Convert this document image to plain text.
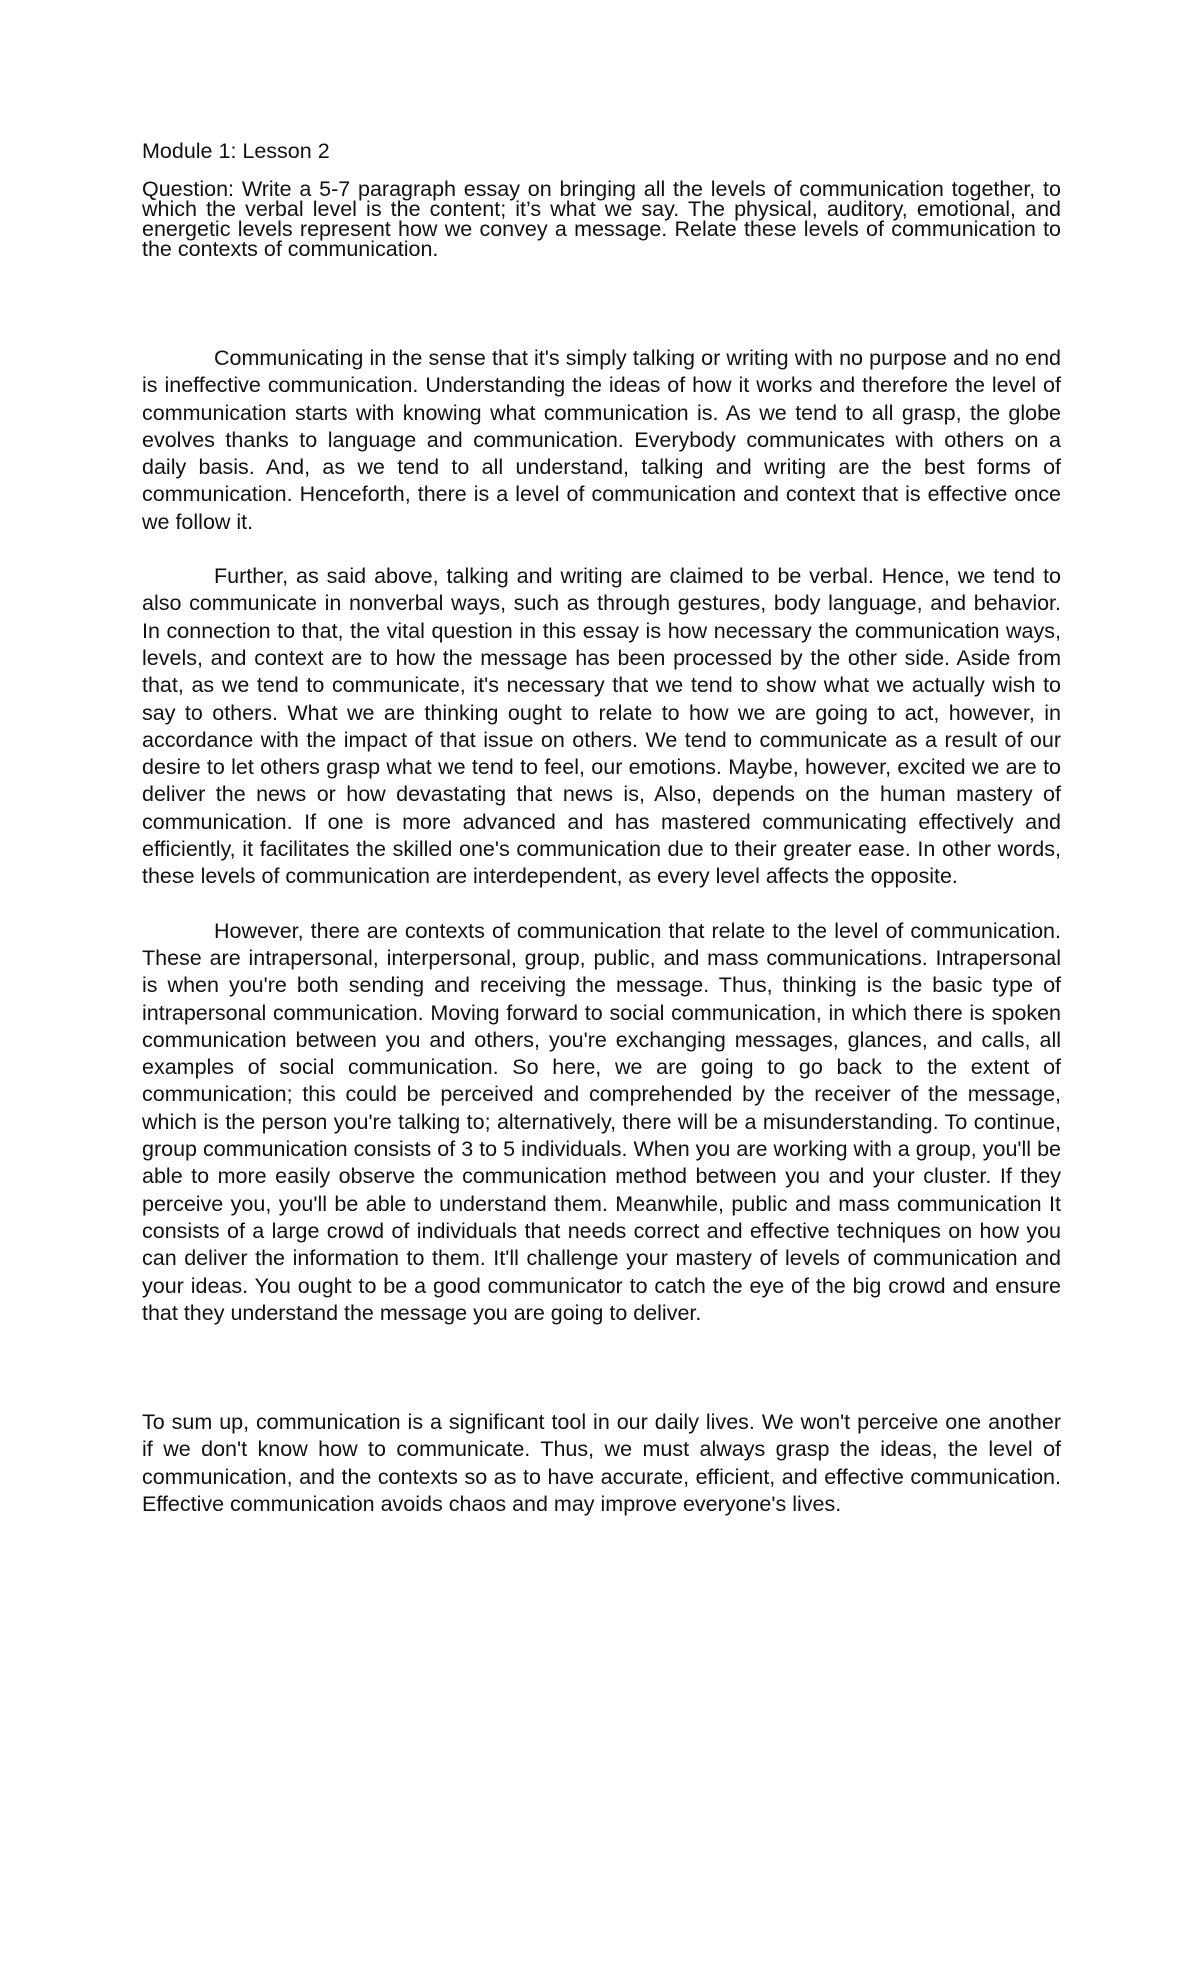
Module 1: Lesson 2

Question: Write a 5-7 paragraph essay on bringing all the levels of communication together, to which the verbal level is the content; it’s what we say. The physical, auditory, emotional, and energetic levels represent how we convey a message. Relate these levels of communication to the contexts of communication.

Communicating in the sense that it's simply talking or writing with no purpose and no end is ineffective communication. Understanding the ideas of how it works and therefore the level of communication starts with knowing what communication is. As we tend to all grasp, the globe evolves thanks to language and communication. Everybody communicates with others on a daily basis. And, as we tend to all understand, talking and writing are the best forms of communication. Henceforth, there is a level of communication and context that is effective once we follow it.

Further, as said above, talking and writing are claimed to be verbal. Hence, we tend to also communicate in nonverbal ways, such as through gestures, body language, and behavior. In connection to that, the vital question in this essay is how necessary the communication ways, levels, and context are to how the message has been processed by the other side. Aside from that, as we tend to communicate, it's necessary that we tend to show what we actually wish to say to others. What we are thinking ought to relate to how we are going to act, however, in accordance with the impact of that issue on others. We tend to communicate as a result of our desire to let others grasp what we tend to feel, our emotions. Maybe, however, excited we are to deliver the news or how devastating that news is, Also, depends on the human mastery of communication. If one is more advanced and has mastered communicating effectively and efficiently, it facilitates the skilled one's communication due to their greater ease. In other words, these levels of communication are interdependent, as every level affects the opposite.

However, there are contexts of communication that relate to the level of communication. These are intrapersonal, interpersonal, group, public, and mass communications. Intrapersonal is when you're both sending and receiving the message. Thus, thinking is the basic type of intrapersonal communication. Moving forward to social communication, in which there is spoken communication between you and others, you're exchanging messages, glances, and calls, all examples of social communication. So here, we are going to go back to the extent of communication; this could be perceived and comprehended by the receiver of the message, which is the person you're talking to; alternatively, there will be a misunderstanding. To continue, group communication consists of 3 to 5 individuals. When you are working with a group, you'll be able to more easily observe the communication method between you and your cluster. If they perceive you, you'll be able to understand them. Meanwhile, public and mass communication It consists of a large crowd of individuals that needs correct and effective techniques on how you can deliver the information to them. It'll challenge your mastery of levels of communication and your ideas. You ought to be a good communicator to catch the eye of the big crowd and ensure that they understand the message you are going to deliver.

To sum up, communication is a significant tool in our daily lives. We won't perceive one another if we don't know how to communicate. Thus, we must always grasp the ideas, the level of communication, and the contexts so as to have accurate, efficient, and effective communication. Effective communication avoids chaos and may improve everyone's lives.
